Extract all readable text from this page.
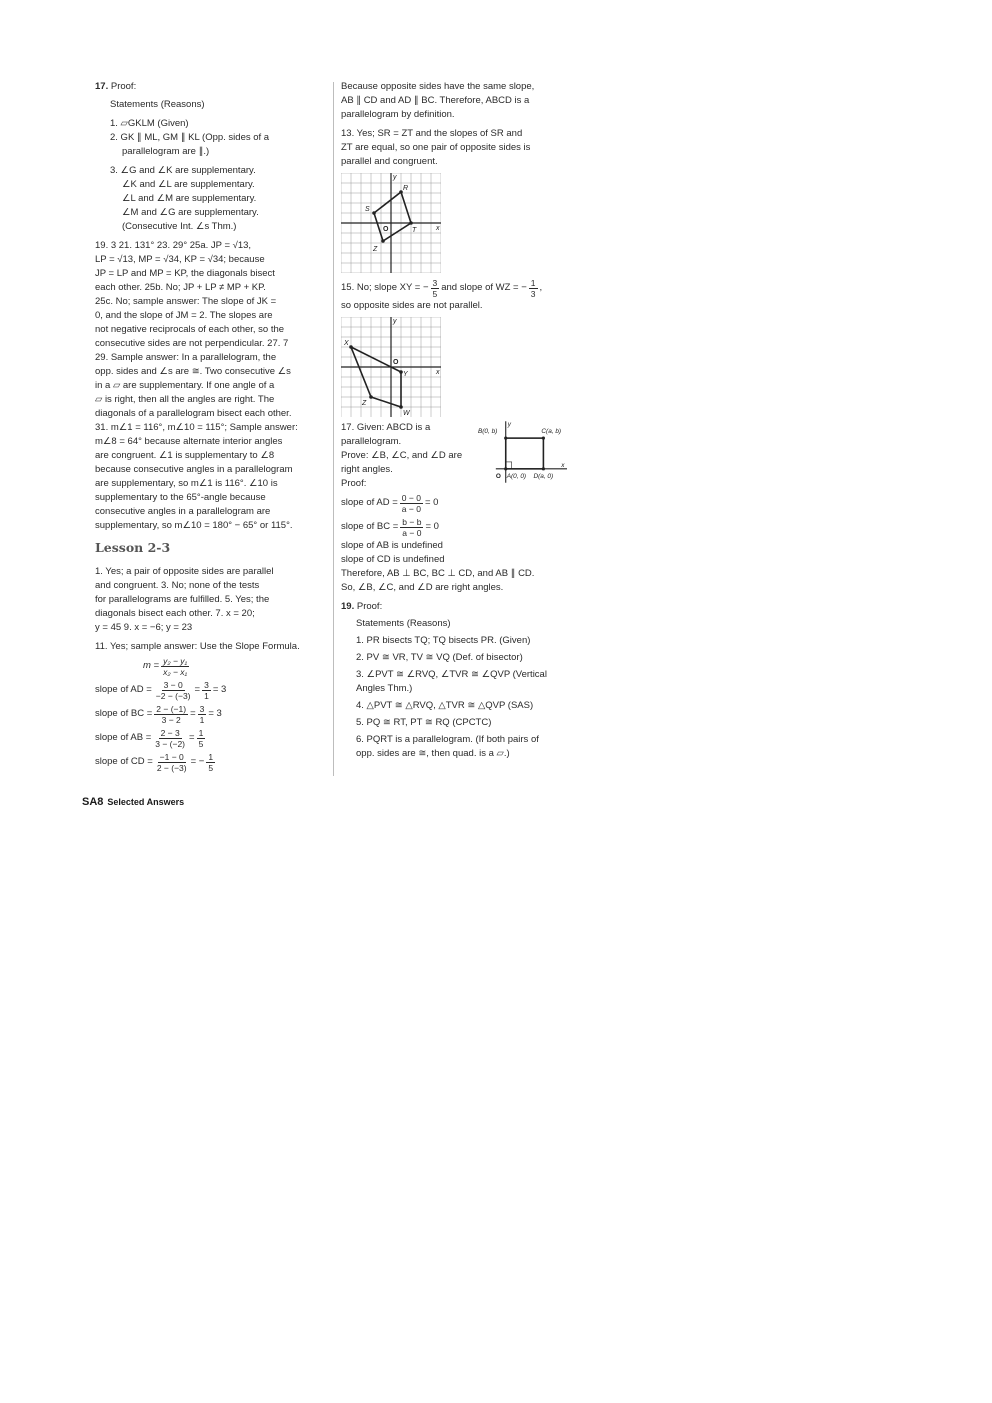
17. Proof:

Statements (Reasons)

1. ▱GKLM (Given)

2. GK ∥ ML, GM ∥ KL (Opp. sides of a

parallelogram are ∥.)

3. ∠G and ∠K are supplementary.

∠K and ∠L are supplementary.

∠L and ∠M are supplementary.

∠M and ∠G are supplementary.

(Consecutive Int. ∠s Thm.)

19. 3 21. 131° 23. 29° 25a. JP = √13,

LP = √13, MP = √34, KP = √34; because

JP = LP and MP = KP, the diagonals bisect

each other. 25b. No; JP + LP ≠ MP + KP.

25c. No; sample answer: The slope of JK =

0, and the slope of JM = 2. The slopes are

not negative reciprocals of each other, so the

consecutive sides are not perpendicular. 27. 7

29. Sample answer: In a parallelogram, the

opp. sides and ∠s are ≅. Two consecutive ∠s

in a ▱ are supplementary. If one angle of a

▱ is right, then all the angles are right. The

diagonals of a parallelogram bisect each other.

31. m∠1 = 116°, m∠10 = 115°; Sample answer:

m∠8 = 64° because alternate interior angles

are congruent. ∠1 is supplementary to ∠8

because consecutive angles in a parallelogram

are supplementary, so m∠1 is 116°. ∠10 is

supplementary to the 65°-angle because

consecutive angles in a parallelogram are

supplementary, so m∠10 = 180° − 65° or 115°.

Lesson 2-3

1. Yes; a pair of opposite sides are parallel

and congruent. 3. No; none of the tests

for parallelograms are fulfilled. 5. Yes; the

diagonals bisect each other. 7. x = 20;

y = 45 9. x = −6; y = 23

11. Yes; sample answer: Use the Slope Formula.

$m = \frac{\text{y₂ − y₁}}{\text{x₂ − x₁}}$
slope of AD = $\frac{3 - 0}{-2 - (-3)} = \frac{3}{1} = 3$
slope of BC = $\frac{2 - (-1)}{3 - 2} = \frac{3}{1} = 3$
slope of AB = $\frac{2 - 3}{3 - (-2)} = \frac{1}{5}$
slope of CD = $\frac{-1 - 0}{2 - (-3)}$ = − $\frac{1}{5}$

Because opposite sides have the same slope,

AB ∥ CD and AD ∥ BC. Therefore, ABCD is a

parallelogram by definition.

13. Yes; SR = ZT and the slopes of SR and

ZT are equal, so one pair of opposite sides is

parallel and congruent.

y
x
O
R
S
T
Z
15. No; slope XY = − $\frac{3}{5}$ and slope of WZ = − $\frac{1}{3}$ ,

so opposite sides are not parallel.

y
x
O
X
Y
Z
W

17. Given: ABCD is a

parallelogram.

Prove: ∠B, ∠C, and ∠D are

right angles.

Proof:

y
x
O
B(0, b)	C(a, b)
A(0, 0) D(a, 0)
slope of AD = $\frac{0 - 0}{a - 0} = 0$
slope of BC = $\frac{b - b}{a - 0} = 0$

slope of AB is undefined

slope of CD is undefined

Therefore, AB ⊥ BC, BC ⊥ CD, and AB ∥ CD.

So, ∠B, ∠C, and ∠D are right angles.

19. Proof:

Statements (Reasons)

1. PR bisects TQ; TQ bisects PR. (Given)

2. PV ≅ VR, TV ≅ VQ (Def. of bisector)

3. ∠PVT ≅ ∠RVQ, ∠TVR ≅ ∠QVP (Vertical

Angles Thm.)

4. △PVT ≅ △RVQ, △TVR ≅ △QVP (SAS)

5. PQ ≅ RT, PT ≅ RQ (CPCTC)

6. PQRT is a parallelogram. (If both pairs of

opp. sides are ≅, then quad. is a ▱.)

SA8 Selected Answers
